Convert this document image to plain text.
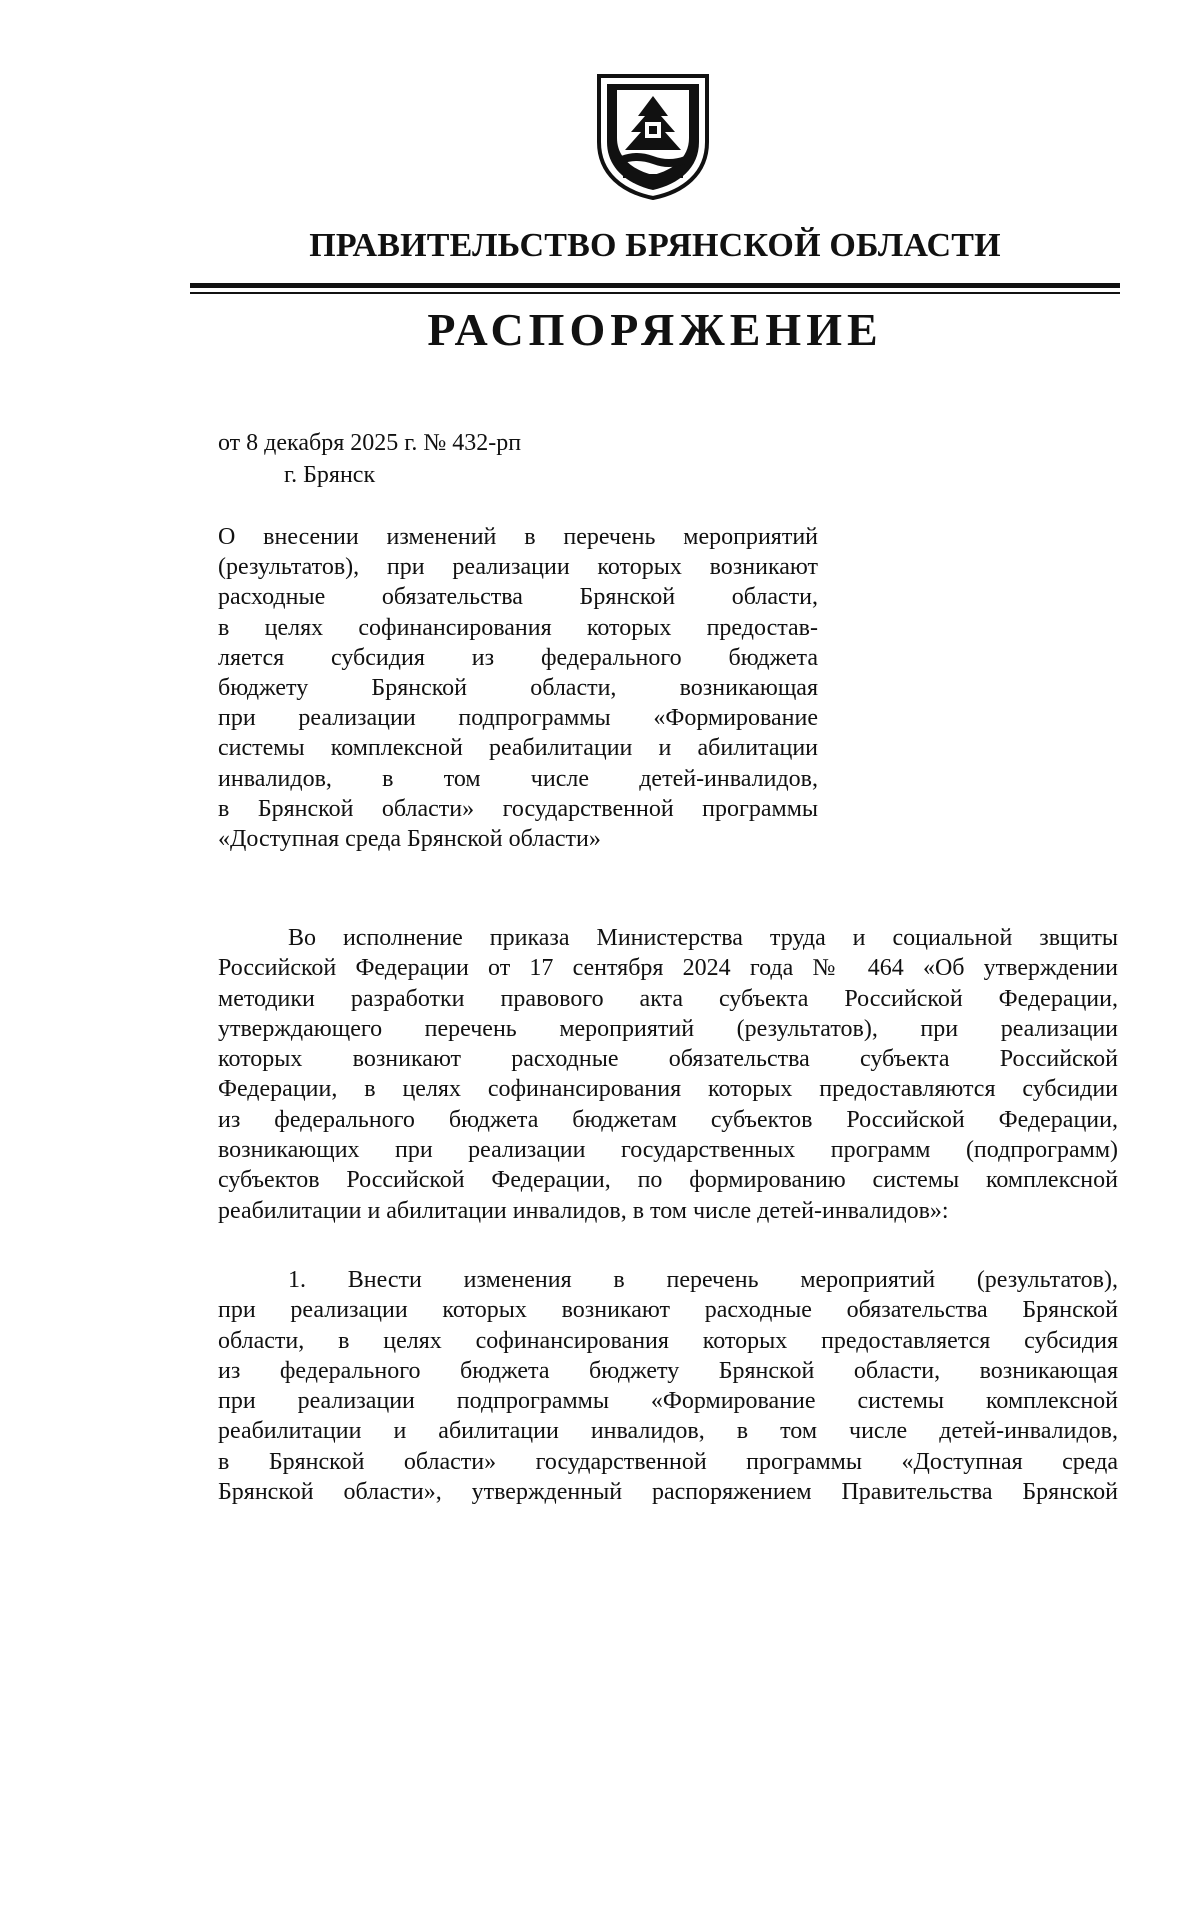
ПРАВИТЕЛЬСТВО БРЯНСКОЙ ОБЛАСТИ
РАСПОРЯЖЕНИЕ
от 8 декабря 2025 г. № 432-рп
г. Брянск
О внесении изменений в перечень мероприятий
(результатов), при реализации которых возникают
расходные обязательства Брянской области,
в целях софинансирования которых предостав-
ляется субсидия из федерального бюджета
бюджету Брянской области, возникающая
при реализации подпрограммы «Формирование
системы комплексной реабилитации и абилитации
инвалидов, в том числе детей-инвалидов,
в Брянской области» государственной программы
«Доступная среда Брянской области»
Во исполнение приказа Министерства труда и социальной звщиты
Российской Федерации от 17 сентября 2024 года № 464 «Об утверждении
методики разработки правового акта субъекта Российской Федерации,
утверждающего перечень мероприятий (результатов), при реализации
которых возникают расходные обязательства субъекта Российской
Федерации, в целях софинансирования которых предоставляются субсидии
из федерального бюджета бюджетам субъектов Российской Федерации,
возникающих при реализации государственных программ (подпрограмм)
субъектов Российской Федерации, по формированию системы комплексной
реабилитации и абилитации инвалидов, в том числе детей-инвалидов»:
1. Внести изменения в перечень мероприятий (результатов),
при реализации которых возникают расходные обязательства Брянской
области, в целях софинансирования которых предоставляется субсидия
из федерального бюджета бюджету Брянской области, возникающая
при реализации подпрограммы «Формирование системы комплексной
реабилитации и абилитации инвалидов, в том числе детей-инвалидов,
в Брянской области» государственной программы «Доступная среда
Брянской области», утвержденный распоряжением Правительства Брянской
